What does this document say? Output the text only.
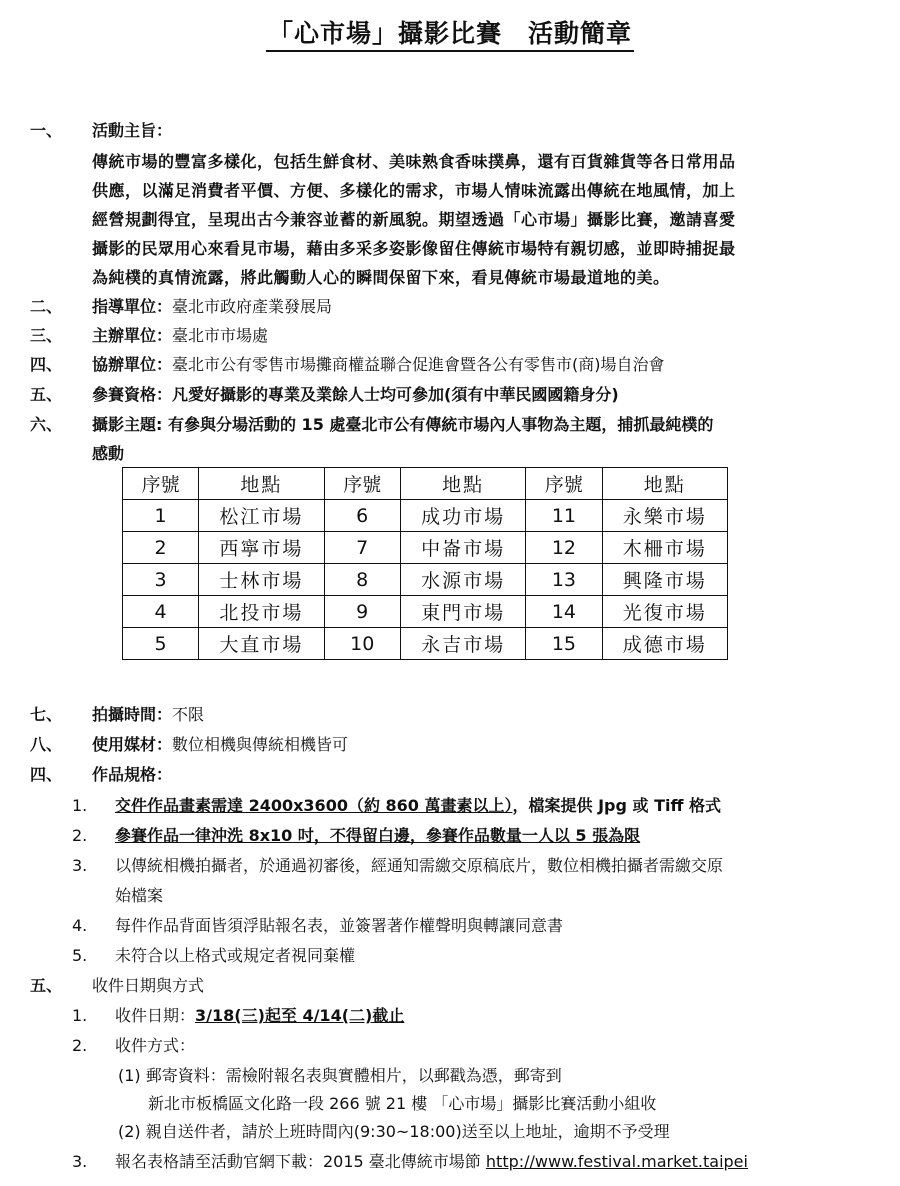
「心市場」攝影比賽　活動簡章
一、 活動主旨：
傳統市場的豐富多樣化，包括生鮮食材、美味熟食香味撲鼻，還有百貨雜貨等各日常用品
供應，以滿足消費者平價、方便、多樣化的需求，市場人情味流露出傳統在地風情，加上
經營規劃得宜，呈現出古今兼容並蓄的新風貌。期望透過「心市場」攝影比賽，邀請喜愛
攝影的民眾用心來看見市場，藉由多采多姿影像留住傳統市場特有親切感，並即時捕捉最
為純樸的真情流露，將此觸動人心的瞬間保留下來，看見傳統市場最道地的美。
二、 指導單位：臺北市政府產業發展局
三、 主辦單位：臺北市市場處
四、 協辦單位：臺北市公有零售市場攤商權益聯合促進會暨各公有零售市(商)場自治會
五、 參賽資格：凡愛好攝影的專業及業餘人士均可參加(須有中華民國國籍身分)
六、 攝影主題: 有參與分場活動的 15 處臺北市公有傳統市場內人事物為主題，捕抓最純樸的
感動
序號	地點	序號	地點	序號	地點
1	松江市場	6	成功市場	11	永樂市場
2	西寧市場	7	中崙市場	12	木柵市場
3	士林市場	8	水源市場	13	興隆市場
4	北投市場	9	東門市場	14	光復市場
5	大直市場	10	永吉市場	15	成德市場
七、 拍攝時間：不限
八、 使用媒材：數位相機與傳統相機皆可
四、 作品規格：
1. 交件作品畫素需達 2400x3600（約 860 萬畫素以上），檔案提供 Jpg 或 Tiff 格式
2. 參賽作品一律沖洗 8x10 吋，不得留白邊，參賽作品數量一人以 5 張為限
3. 以傳統相機拍攝者，於通過初審後，經通知需繳交原稿底片，數位相機拍攝者需繳交原
始檔案
4. 每件作品背面皆須浮貼報名表，並簽署著作權聲明與轉讓同意書
5. 未符合以上格式或規定者視同棄權
五、 收件日期與方式
1. 收件日期：3/18(三)起至 4/14(二)截止
2. 收件方式：
(1) 郵寄資料：需檢附報名表與實體相片，以郵戳為憑，郵寄到
新北市板橋區文化路一段 266 號 21 樓 「心市場」攝影比賽活動小組收
(2) 親自送件者，請於上班時間內(9:30~18:00)送至以上地址，逾期不予受理
3. 報名表格請至活動官網下載：2015 臺北傳統市場節 http://www.festival.market.taipei
